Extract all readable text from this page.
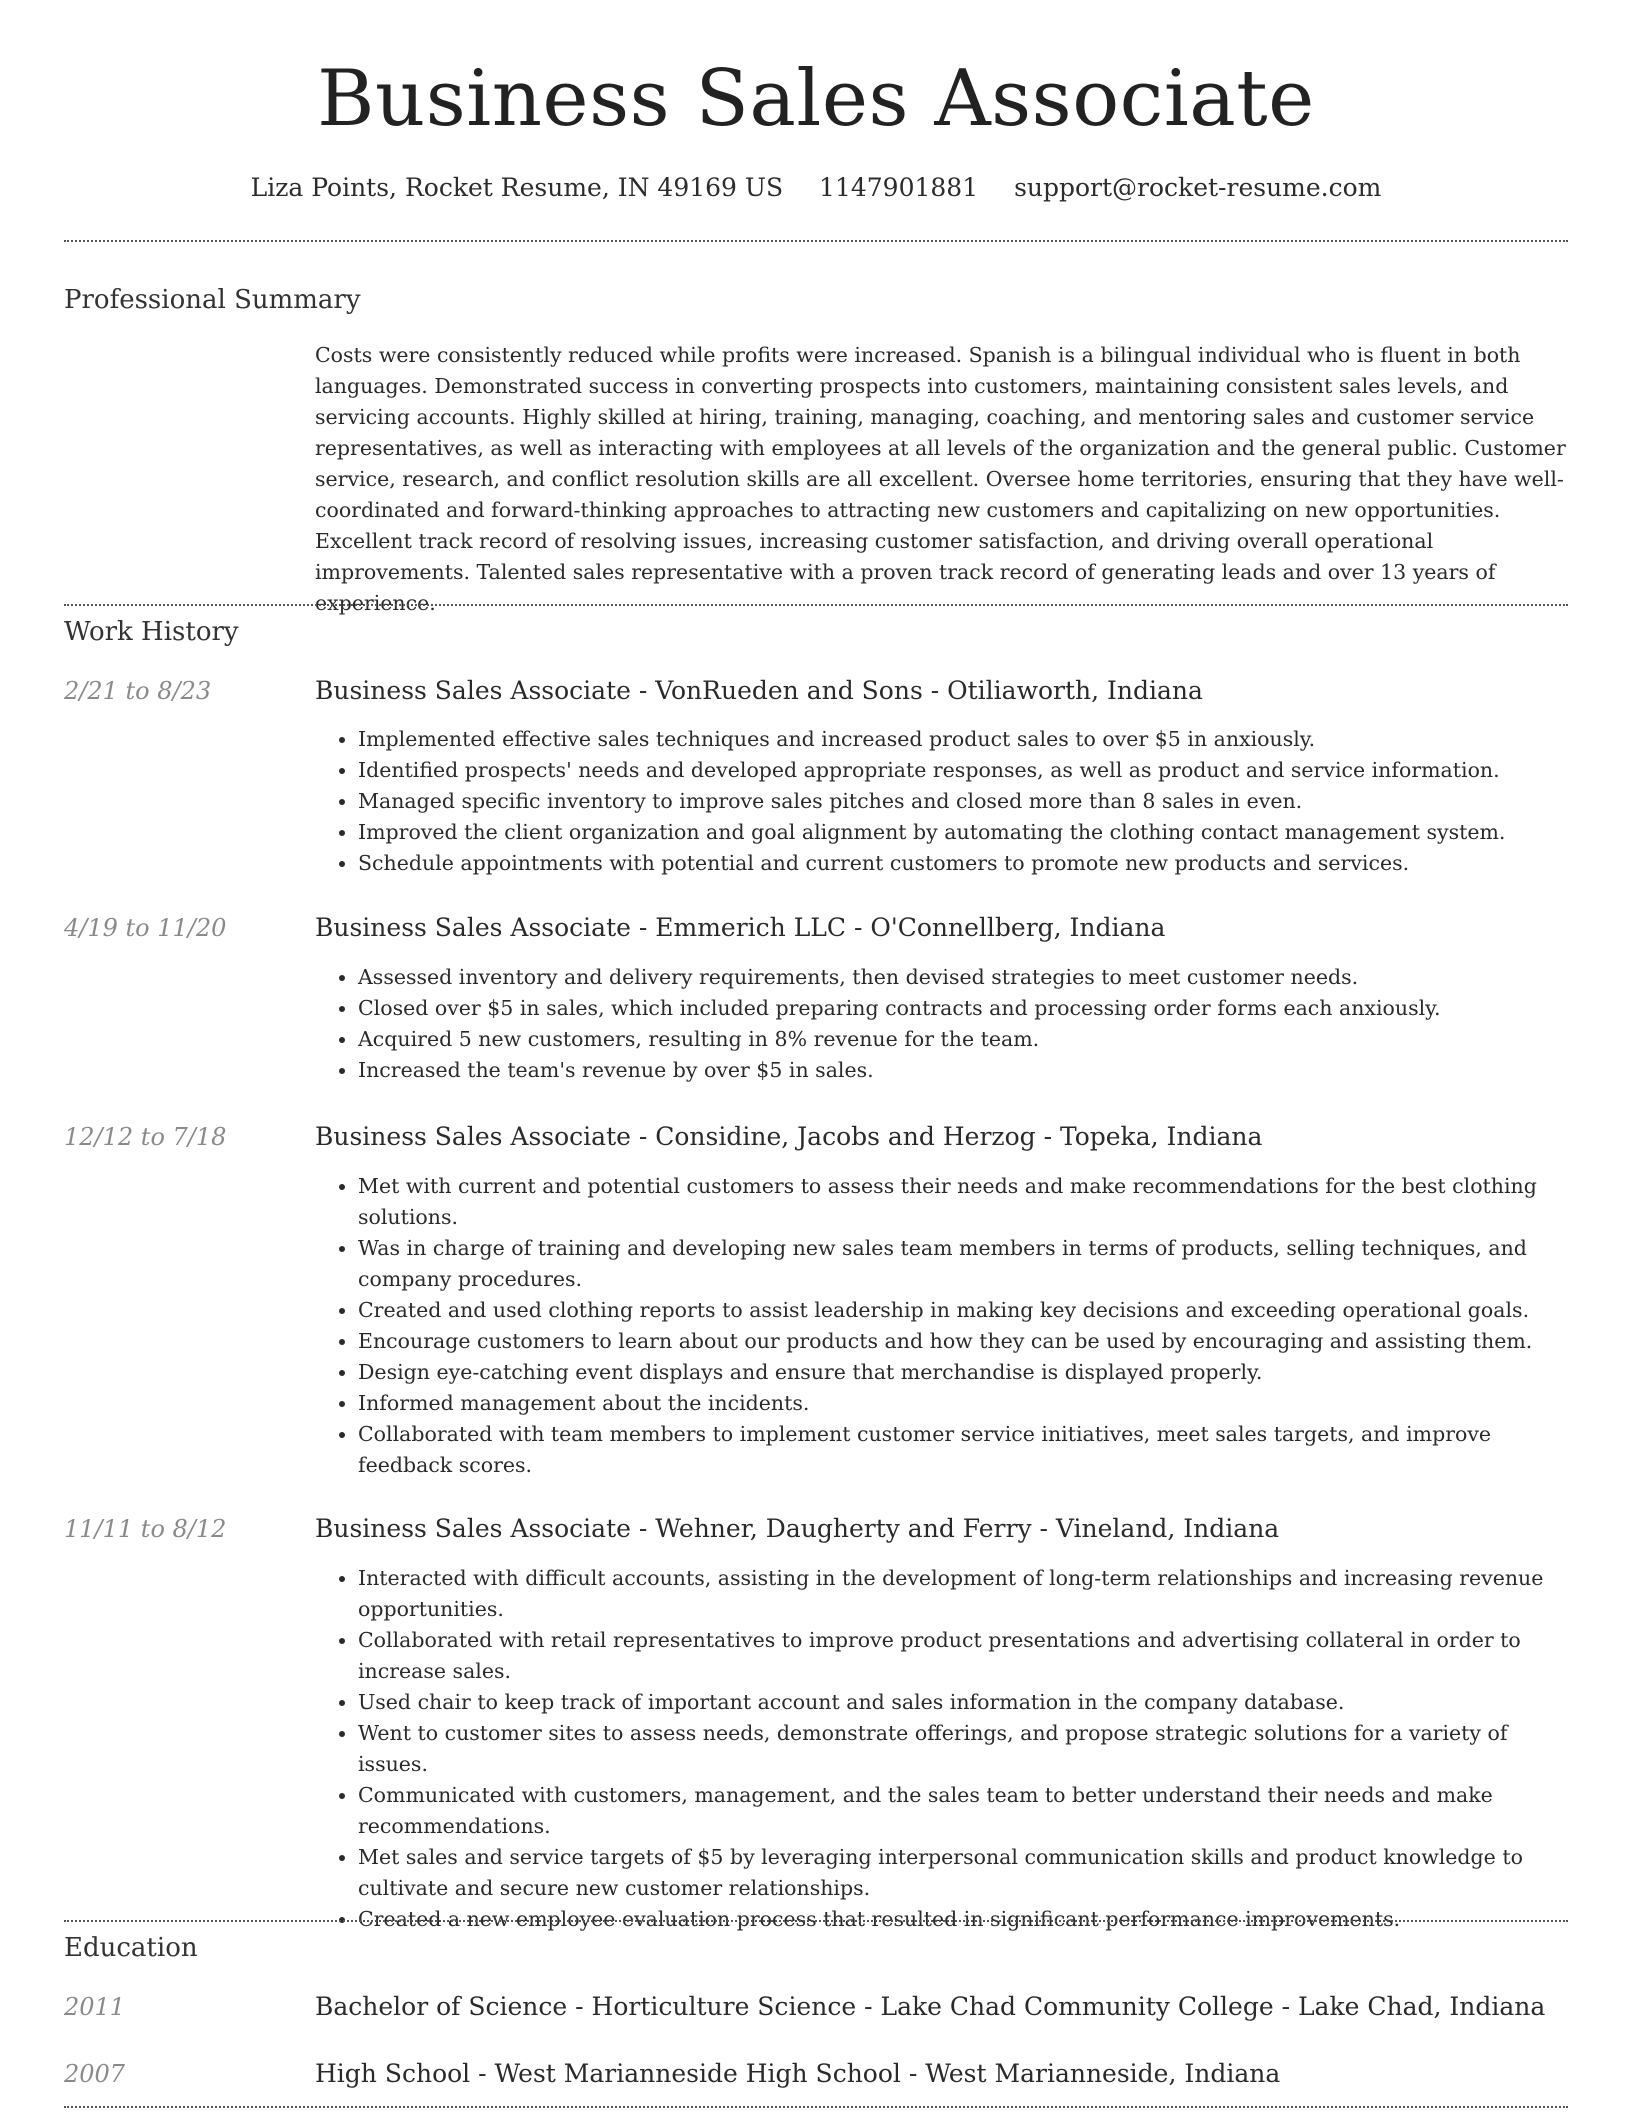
Business Sales Associate
Liza Points, Rocket Resume, IN 49169 US 1147901881 support@rocket-resume.com
Professional Summary

Costs were consistently reduced while profits were increased. Spanish is a bilingual individual who is fluent in both languages. Demonstrated success in converting prospects into customers, maintaining consistent sales levels, and servicing accounts. Highly skilled at hiring, training, managing, coaching, and mentoring sales and customer service representatives, as well as interacting with employees at all levels of the organization and the general public. Customer service, research, and conflict resolution skills are all excellent. Oversee home territories, ensuring that they have well-coordinated and forward-thinking approaches to attracting new customers and capitalizing on new opportunities. Excellent track record of resolving issues, increasing customer satisfaction, and driving overall operational improvements. Talented sales representative with a proven track record of generating leads and over 13 years of experience.

Work History
2/21 to 8/23	Business Sales Associate - VonRueden and Sons - Otiliaworth, Indiana
• Implemented effective sales techniques and increased product sales to over $5 in anxiously.
• Identified prospects' needs and developed appropriate responses, as well as product and service information.
• Managed specific inventory to improve sales pitches and closed more than 8 sales in even.
• Improved the client organization and goal alignment by automating the clothing contact management system.
• Schedule appointments with potential and current customers to promote new products and services.
4/19 to 11/20	Business Sales Associate - Emmerich LLC - O'Connellberg, Indiana
• Assessed inventory and delivery requirements, then devised strategies to meet customer needs.
• Closed over $5 in sales, which included preparing contracts and processing order forms each anxiously.
• Acquired 5 new customers, resulting in 8% revenue for the team.
• Increased the team's revenue by over $5 in sales.
12/12 to 7/18	Business Sales Associate - Considine, Jacobs and Herzog - Topeka, Indiana
• Met with current and potential customers to assess their needs and make recommendations for the best clothing solutions.
• Was in charge of training and developing new sales team members in terms of products, selling techniques, and company procedures.
• Created and used clothing reports to assist leadership in making key decisions and exceeding operational goals.
• Encourage customers to learn about our products and how they can be used by encouraging and assisting them.
• Design eye-catching event displays and ensure that merchandise is displayed properly.
• Informed management about the incidents.
• Collaborated with team members to implement customer service initiatives, meet sales targets, and improve feedback scores.
11/11 to 8/12	Business Sales Associate - Wehner, Daugherty and Ferry - Vineland, Indiana
• Interacted with difficult accounts, assisting in the development of long-term relationships and increasing revenue opportunities.
• Collaborated with retail representatives to improve product presentations and advertising collateral in order to increase sales.
• Used chair to keep track of important account and sales information in the company database.
• Went to customer sites to assess needs, demonstrate offerings, and propose strategic solutions for a variety of issues.
• Communicated with customers, management, and the sales team to better understand their needs and make recommendations.
• Met sales and service targets of $5 by leveraging interpersonal communication skills and product knowledge to cultivate and secure new customer relationships.
• Created a new employee evaluation process that resulted in significant performance improvements.
Education
2011	Bachelor of Science - Horticulture Science - Lake Chad Community College - Lake Chad, Indiana
2007	High School - West Marianneside High School - West Marianneside, Indiana
